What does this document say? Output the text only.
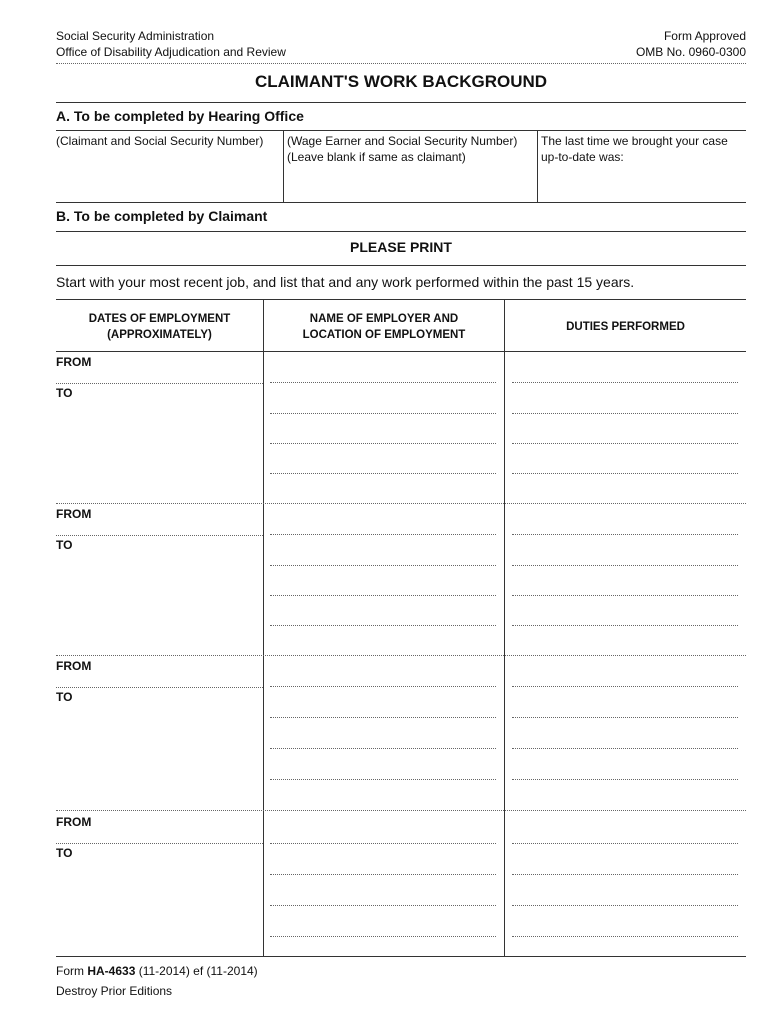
Social Security Administration
Office of Disability Adjudication and Review
Form Approved
OMB No. 0960-0300
CLAIMANT'S WORK BACKGROUND
A. To be completed by Hearing Office
(Claimant and Social Security Number) (Wage Earner and Social Security Number)
(Leave blank if same as claimant)
The last time we brought your case
up-to-date was:
B. To be completed by Claimant
PLEASE PRINT
Start with your most recent job, and list that and any work performed within the past 15 years.
DATES OF EMPLOYMENT
(APPROXIMATELY)
NAME OF EMPLOYER AND
LOCATION OF EMPLOYMENT
DUTIES PERFORMED
FROM
TO
FROM
TO
FROM
TO
FROM
TO
Form HA-4633 (11-2014) ef (11-2014)
Destroy Prior Editions
